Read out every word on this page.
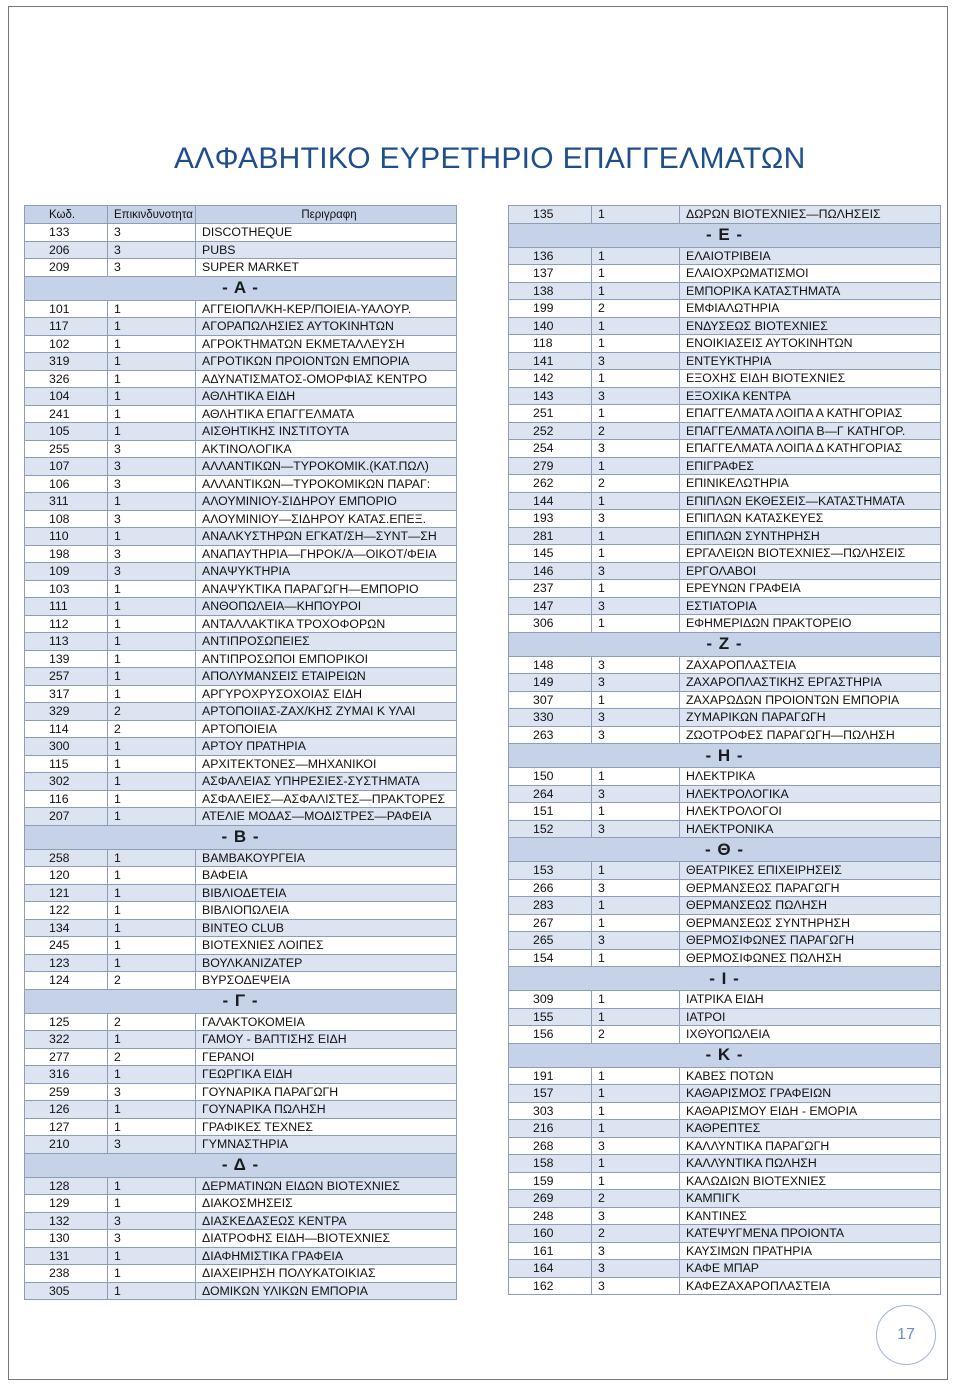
ΑΛΦΑΒΗΤΙΚΟ ΕΥΡΕΤΗΡΙΟ ΕΠΑΓΓΕΛΜΑΤΩΝ
Κωδ.	Επικινδυνοτητα	Περιγραφη
133	3	DISCOTHEQUE
206	3	PUBS
209	3	SUPER MARKET
- A -		
101	1	ΑΓΓΕΙΟΠΛ/ΚΗ-ΚΕΡ/ΠΟΙΕΙΑ-ΥΑΛΟΥΡ.
117	1	ΑΓΟΡΑΠΩΛΗΣΙΕΣ ΑΥΤΟΚΙΝΗΤΩΝ
102	1	ΑΓΡΟΚΤΗΜΑΤΩΝ ΕΚΜΕΤΑΛΛΕΥΣΗ
319	1	ΑΓΡΟΤΙΚΩΝ ΠΡΟΙΟΝΤΩΝ ΕΜΠΟΡΙΑ
326	1	ΑΔΥΝΑΤΙΣΜΑΤΟΣ-ΟΜΟΡΦΙΑΣ ΚΕΝΤΡΟ
104	1	ΑΘΛΗΤΙΚΑ ΕΙΔΗ
241	1	ΑΘΛΗΤΙΚΑ ΕΠΑΓΓΕΛΜΑΤΑ
105	1	ΑΙΣΘΗΤΙΚΗΣ ΙΝΣΤΙΤΟΥΤΑ
255	3	ΑΚΤΙΝΟΛΟΓΙΚΑ
107	3	ΑΛΛΑΝΤΙΚΩΝ—ΤΥΡΟΚΟΜΙΚ.(ΚΑΤ.ΠΩΛ)
106	3	ΑΛΛΑΝΤΙΚΩΝ—ΤΥΡΟΚΟΜΙΚΩΝ ΠΑΡΑΓ:
311	1	ΑΛΟΥΜΙΝΙΟΥ-ΣΙΔΗΡΟΥ ΕΜΠΟΡΙΟ
108	3	ΑΛΟΥΜΙΝΙΟΥ—ΣΙΔΗΡΟΥ ΚΑΤΑΣ.ΕΠΕΞ.
110	1	ΑΝΑΛΚΥΣΤΗΡΩΝ ΕΓΚΑΤ/ΣΗ—ΣΥΝΤ—ΣΗ
198	3	ΑΝΑΠΑΥΤΗΡΙΑ—ΓΗΡΟΚ/Α—ΟΙΚΟΤ/ΦΕΙΑ
109	3	ΑΝΑΨΥΚΤΗΡΙΑ
103	1	ΑΝΑΨΥΚΤΙΚΑ ΠΑΡΑΓΩΓΗ—ΕΜΠΟΡΙΟ
111	1	ΑΝΘΟΠΩΛΕΙΑ—ΚΗΠΟΥΡΟΙ
112	1	ΑΝΤΑΛΛΑΚΤΙΚΑ ΤΡΟΧΟΦΟΡΩΝ
113	1	ΑΝΤΙΠΡΟΣΩΠΕΙΕΣ
139	1	ΑΝΤΙΠΡΟΣΩΠΟΙ ΕΜΠΟΡΙΚΟΙ
257	1	ΑΠΟΛΥΜΑΝΣΕΙΣ ΕΤΑΙΡΕΙΩΝ
317	1	ΑΡΓΥΡΟΧΡΥΣΟΧΟΙΑΣ ΕΙΔΗ
329	2	ΑΡΤΟΠΟΙΙΑΣ-ΖΑΧ/ΚΗΣ ΖΥΜΑΙ Κ ΥΛΑΙ
114	2	ΑΡΤΟΠΟΙΕΙΑ
300	1	ΑΡΤΟΥ ΠΡΑΤΗΡΙΑ
115	1	ΑΡΧΙΤΕΚΤΟΝΕΣ—ΜΗΧΑΝΙΚΟΙ
302	1	ΑΣΦΑΛΕΙΑΣ ΥΠΗΡΕΣΙΕΣ-ΣΥΣΤΗΜΑΤΑ
116	1	ΑΣΦΑΛΕΙΕΣ—ΑΣΦΑΛΙΣΤΕΣ—ΠΡΑΚΤΟΡΕΣ
207	1	ΑΤΕΛΙΕ ΜΟΔΑΣ—ΜΟΔΙΣΤΡΕΣ—ΡΑΦΕΙΑ
- Β -		
258	1	ΒΑΜΒΑΚΟΥΡΓΕΙΑ
120	1	ΒΑΦΕΙΑ
121	1	ΒΙΒΛΙΟΔΕΤΕΙΑ
122	1	ΒΙΒΛΙΟΠΩΛΕΙΑ
134	1	ΒΙΝΤΕΟ CLUB
245	1	ΒΙΟΤΕΧΝΙΕΣ ΛΟΙΠΕΣ
123	1	ΒΟΥΛΚΑΝΙΖΑΤΕΡ
124	2	ΒΥΡΣΟΔΕΨΕΙΑ
- Γ -		
125	2	ΓΑΛΑΚΤΟΚΟΜΕΙΑ
322	1	ΓΑΜΟΥ - ΒΑΠΤΙΣΗΣ ΕΙΔΗ
277	2	ΓΕΡΑΝΟΙ
316	1	ΓΕΩΡΓΙΚΑ ΕΙΔΗ
259	3	ΓΟΥΝΑΡΙΚΑ ΠΑΡΑΓΩΓΗ
126	1	ΓΟΥΝΑΡΙΚΑ ΠΩΛΗΣΗ
127	1	ΓΡΑΦΙΚΕΣ ΤΕΧΝΕΣ
210	3	ΓΥΜΝΑΣΤΗΡΙΑ
- Δ -		
128	1	ΔΕΡΜΑΤΙΝΩΝ ΕΙΔΩΝ ΒΙΟΤΕΧΝΙΕΣ
129	1	ΔΙΑΚΟΣΜΗΣΕΙΣ
132	3	ΔΙΑΣΚΕΔΑΣΕΩΣ ΚΕΝΤΡΑ
130	3	ΔΙΑΤΡΟΦΗΣ ΕΙΔΗ—ΒΙΟΤΕΧΝΙΕΣ
131	1	ΔΙΑΦΗΜΙΣΤΙΚΑ ΓΡΑΦΕΙΑ
238	1	ΔΙΑΧΕΙΡΗΣΗ ΠΟΛΥΚΑΤΟΙΚΙΑΣ
305	1	ΔΟΜΙΚΩΝ ΥΛΙΚΩΝ ΕΜΠΟΡΙΑ
135	1	ΔΩΡΩΝ ΒΙΟΤΕΧΝΙΕΣ—ΠΩΛΗΣΕΙΣ
- Ε -		
136	1	ΕΛΑΙΟΤΡΙΒΕΙΑ
137	1	ΕΛΑΙΟΧΡΩΜΑΤΙΣΜΟΙ
138	1	ΕΜΠΟΡΙΚΑ ΚΑΤΑΣΤΗΜΑΤΑ
199	2	ΕΜΦΙΑΛΩΤΗΡΙΑ
140	1	ΕΝΔΥΣΕΩΣ ΒΙΟΤΕΧΝΙΕΣ
118	1	ΕΝΟΙΚΙΑΣΕΙΣ ΑΥΤΟΚΙΝΗΤΩΝ
141	3	ΕΝΤΕΥΚΤΗΡΙΑ
142	1	ΕΞΟΧΗΣ ΕΙΔΗ ΒΙΟΤΕΧΝΙΕΣ
143	3	ΕΞΟΧΙΚΑ ΚΕΝΤΡΑ
251	1	ΕΠΑΓΓΕΛΜΑΤΑ ΛΟΙΠΑ Α ΚΑΤΗΓΟΡΙΑΣ
252	2	ΕΠΑΓΓΕΛΜΑΤΑ ΛΟΙΠΑ Β—Γ ΚΑΤΗΓΟΡ.
254	3	ΕΠΑΓΓΕΛΜΑΤΑ ΛΟΙΠΑ Δ ΚΑΤΗΓΟΡΙΑΣ
279	1	ΕΠΙΓΡΑΦΕΣ
262	2	ΕΠΙΝΙΚΕΛΩΤΗΡΙΑ
144	1	ΕΠΙΠΛΩΝ ΕΚΘΕΣΕΙΣ—ΚΑΤΑΣΤΗΜΑΤΑ
193	3	ΕΠΙΠΛΩΝ ΚΑΤΑΣΚΕΥΕΣ
281	1	ΕΠΙΠΛΩΝ ΣΥΝΤΗΡΗΣΗ
145	1	ΕΡΓΑΛΕΙΩΝ ΒΙΟΤΕΧΝΙΕΣ—ΠΩΛΗΣΕΙΣ
146	3	ΕΡΓΟΛΑΒΟΙ
237	1	ΕΡΕΥΝΩΝ ΓΡΑΦΕΙΑ
147	3	ΕΣΤΙΑΤΟΡΙΑ
306	1	ΕΦΗΜΕΡΙΔΩΝ ΠΡΑΚΤΟΡΕΙΟ
- Ζ -		
148	3	ΖΑΧΑΡΟΠΛΑΣΤΕΙΑ
149	3	ΖΑΧΑΡΟΠΛΑΣΤΙΚΗΣ ΕΡΓΑΣΤΗΡΙΑ
307	1	ΖΑΧΑΡΩΔΩΝ ΠΡΟΙΟΝΤΩΝ ΕΜΠΟΡΙΑ
330	3	ΖΥΜΑΡΙΚΩΝ ΠΑΡΑΓΩΓΗ
263	3	ΖΩΟΤΡΟΦΕΣ ΠΑΡΑΓΩΓΗ—ΠΩΛΗΣΗ
- Η -		
150	1	ΗΛΕΚΤΡΙΚΑ
264	3	ΗΛΕΚΤΡΟΛΟΓΙΚΑ
151	1	ΗΛΕΚΤΡΟΛΟΓΟΙ
152	3	ΗΛΕΚΤΡΟΝΙΚΑ
- Θ -		
153	1	ΘΕΑΤΡΙΚΕΣ ΕΠΙΧΕΙΡΗΣΕΙΣ
266	3	ΘΕΡΜΑΝΣΕΩΣ ΠΑΡΑΓΩΓΗ
283	1	ΘΕΡΜΑΝΣΕΩΣ ΠΩΛΗΣΗ
267	1	ΘΕΡΜΑΝΣΕΩΣ ΣΥΝΤΗΡΗΣΗ
265	3	ΘΕΡΜΟΣΙΦΩΝΕΣ ΠΑΡΑΓΩΓΗ
154	1	ΘΕΡΜΟΣΙΦΩΝΕΣ ΠΩΛΗΣΗ
- Ι -		
309	1	ΙΑΤΡΙΚΑ ΕΙΔΗ
155	1	ΙΑΤΡΟΙ
156	2	ΙΧΘΥΟΠΩΛΕΙΑ
- Κ -		
191	1	ΚΑΒΕΣ ΠΟΤΩΝ
157	1	ΚΑΘΑΡΙΣΜΟΣ ΓΡΑΦΕΙΩΝ
303	1	ΚΑΘΑΡΙΣΜΟΥ ΕΙΔΗ - ΕΜΟΡΙΑ
216	1	ΚΑΘΡΕΠΤΕΣ
268	3	ΚΑΛΛΥΝΤΙΚΑ ΠΑΡΑΓΩΓΗ
158	1	ΚΑΛΛΥΝΤΙΚΑ ΠΩΛΗΣΗ
159	1	ΚΑΛΩΔΙΩΝ ΒΙΟΤΕΧΝΙΕΣ
269	2	ΚΑΜΠΙΓΚ
248	3	ΚΑΝΤΙΝΕΣ
160	2	ΚΑΤΕΨΥΓΜΕΝΑ ΠΡΟΙΟΝΤΑ
161	3	ΚΑΥΣΙΜΩΝ ΠΡΑΤΗΡΙΑ
164	3	ΚΑΦΕ ΜΠΑΡ
162	3	ΚΑΦΕΖΑΧΑΡΟΠΛΑΣΤΕΙΑ
17
